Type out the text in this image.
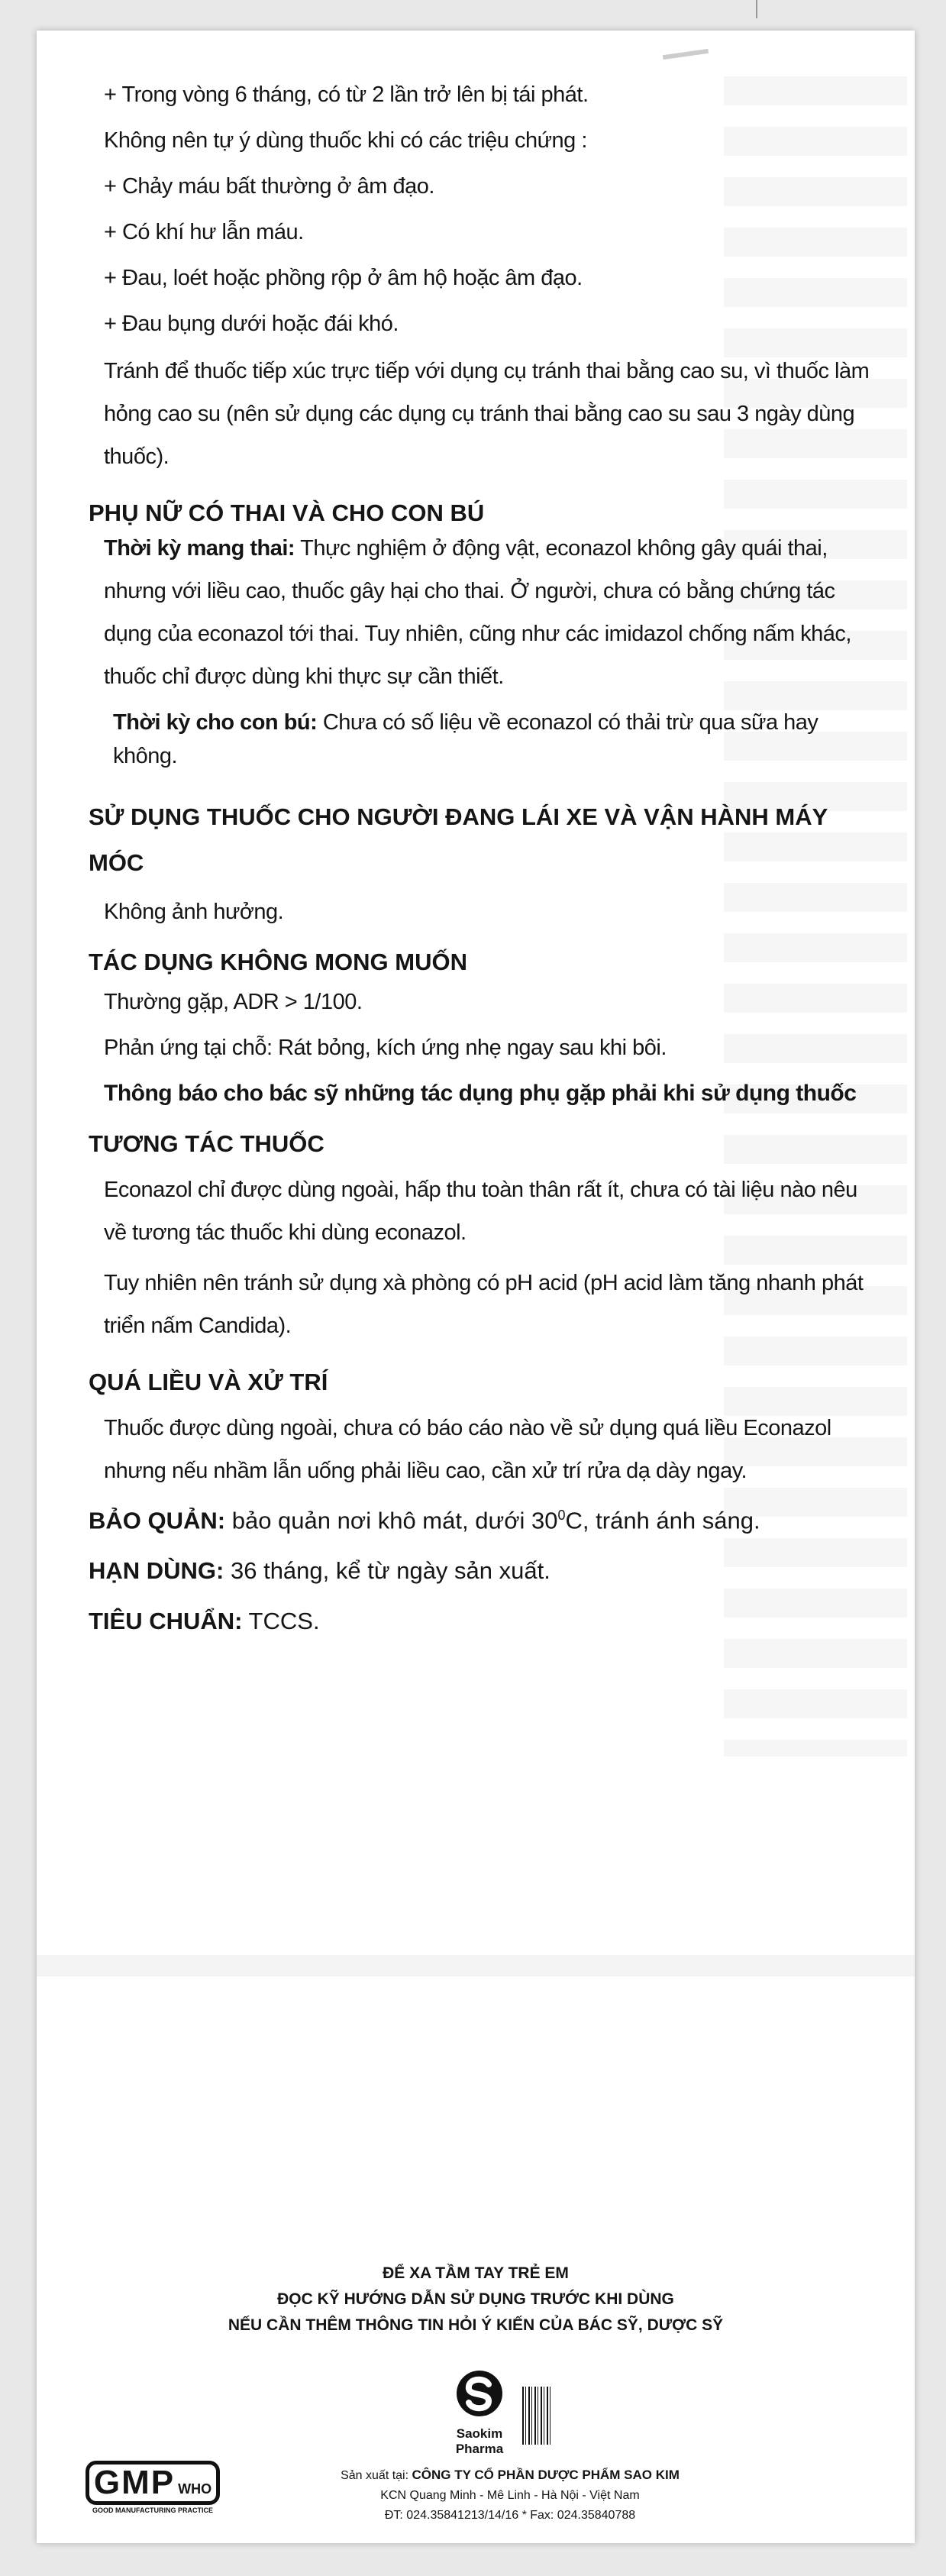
+ Trong vòng 6 tháng, có từ 2 lần trở lên bị tái phát.

Không nên tự ý dùng thuốc khi có các triệu chứng :

+ Chảy máu bất thường ở âm đạo.

+ Có khí hư lẫn máu.

+ Đau, loét hoặc phồng rộp ở âm hộ hoặc âm đạo.

+ Đau bụng dưới hoặc đái khó.

Tránh để thuốc tiếp xúc trực tiếp với dụng cụ tránh thai bằng cao su, vì thuốc làm hỏng cao su (nên sử dụng các dụng cụ tránh thai bằng cao su sau 3 ngày dùng thuốc).

PHỤ NỮ CÓ THAI VÀ CHO CON BÚ

Thời kỳ mang thai: Thực nghiệm ở động vật, econazol không gây quái thai, nhưng với liều cao, thuốc gây hại cho thai. Ở người, chưa có bằng chứng tác dụng của econazol tới thai. Tuy nhiên, cũng như các imidazol chống nấm khác, thuốc chỉ được dùng khi thực sự cần thiết.

Thời kỳ cho con bú: Chưa có số liệu về econazol có thải trừ qua sữa hay không.

SỬ DỤNG THUỐC CHO NGƯỜI ĐANG LÁI XE VÀ VẬN HÀNH MÁY MÓC

Không ảnh hưởng.

TÁC DỤNG KHÔNG MONG MUỐN

Thường gặp, ADR > 1/100.

Phản ứng tại chỗ: Rát bỏng, kích ứng nhẹ ngay sau khi bôi.

Thông báo cho bác sỹ những tác dụng phụ gặp phải khi sử dụng thuốc

TƯƠNG TÁC THUỐC

Econazol chỉ được dùng ngoài, hấp thu toàn thân rất ít, chưa có tài liệu nào nêu về tương tác thuốc khi dùng econazol.

Tuy nhiên nên tránh sử dụng xà phòng có pH acid (pH acid làm tăng nhanh phát triển nấm Candida).

QUÁ LIỀU VÀ XỬ TRÍ

Thuốc được dùng ngoài, chưa có báo cáo nào về sử dụng quá liều Econazol nhưng nếu nhầm lẫn uống phải liều cao, cần xử trí rửa dạ dày ngay.

BẢO QUẢN: bảo quản nơi khô mát, dưới $30^0C$, tránh ánh sáng.

HẠN DÙNG: 36 tháng, kể từ ngày sản xuất.

TIÊU CHUẨN: TCCS.

ĐỂ XA TẦM TAY TRẺ EM
ĐỌC KỸ HƯỚNG DẪN SỬ DỤNG TRƯỚC KHI DÙNG
NẾU CẦN THÊM THÔNG TIN HỎI Ý KIẾN CỦA BÁC SỸ, DƯỢC SỸ
Saokim Pharma
GMP WHO
GOOD MANUFACTURING PRACTICE
Sản xuất tại: CÔNG TY CỔ PHẦN DƯỢC PHẨM SAO KIM
KCN Quang Minh - Mê Linh - Hà Nội - Việt Nam
ĐT: 024.35841213/14/16 * Fax: 024.35840788
